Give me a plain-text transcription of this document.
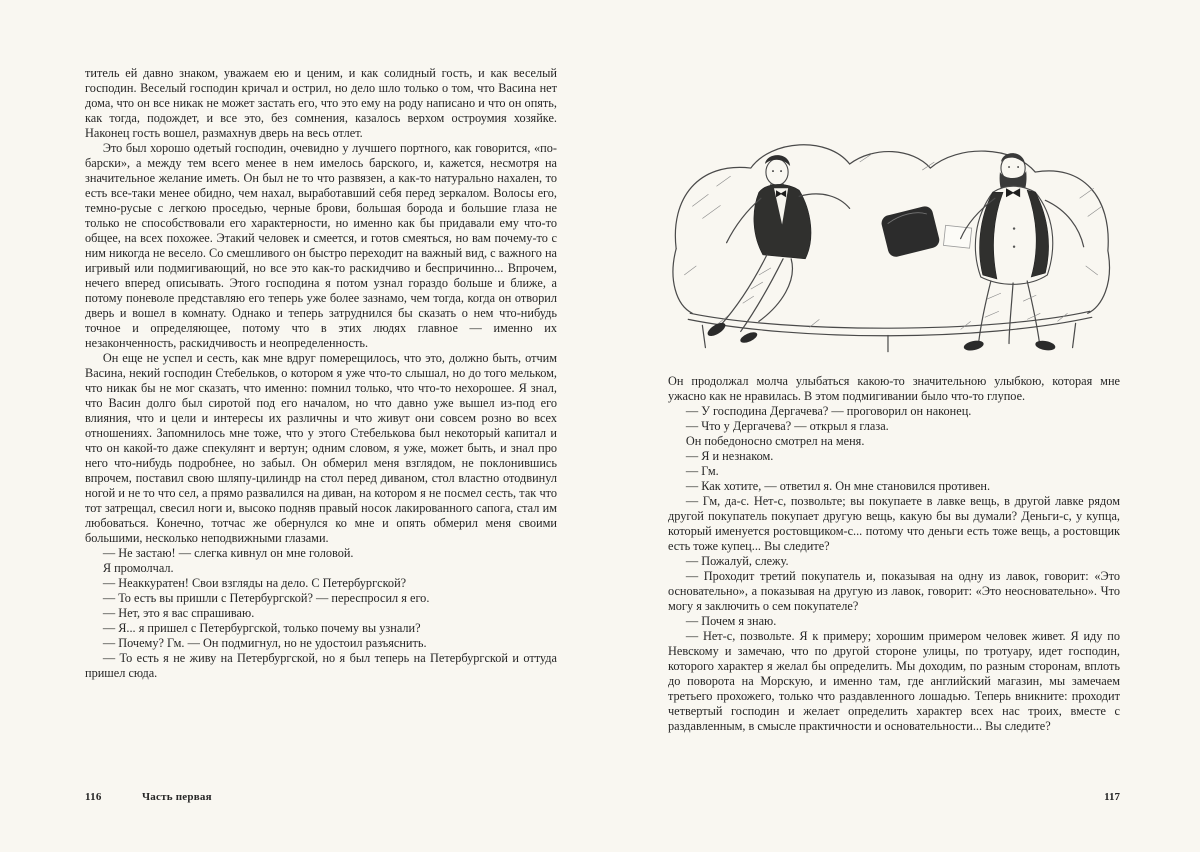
титель ей давно знаком, уважаем ею и ценим, и как солидный гость, и как веселый господин. Веселый господин кричал и острил, но дело шло только о том, что Васина нет дома, что он все никак не может застать его, что это ему на роду написано и что он опять, как тогда, подождет, и все это, без сомнения, казалось верхом остроумия хозяйке. Наконец гость вошел, размахнув дверь на весь отлет.

Это был хорошо одетый господин, очевидно у лучшего портного, как говорится, «по-барски», а между тем всего менее в нем имелось барского, и, кажется, несмотря на значительное желание иметь. Он был не то что развязен, а как-то натурально нахален, то есть все-таки менее обидно, чем нахал, выработавший себя перед зеркалом. Волосы его, темно-русые с легкою проседью, черные брови, большая борода и большие глаза не только не способствовали его характерности, но именно как бы придавали ему что-то общее, на всех похожее. Этакий человек и смеется, и готов смеяться, но вам почему-то с ним никогда не весело. Со смешливого он быстро переходит на важный вид, с важного на игривый или подмигивающий, но все это как-то раскидчиво и беспричинно... Впрочем, нечего вперед описывать. Этого господина я потом узнал гораздо больше и ближе, а потому поневоле представляю его теперь уже более зазнамо, чем тогда, когда он отворил дверь и вошел в комнату. Однако и теперь затруднился бы сказать о нем что-нибудь точное и определяющее, потому что в этих людях главное — именно их незаконченность, раскидчивость и неопределенность.

Он еще не успел и сесть, как мне вдруг померещилось, что это, должно быть, отчим Васина, некий господин Стебельков, о котором я уже что-то слышал, но до того мельком, что никак бы не мог сказать, что именно: помнил только, что что-то нехорошее. Я знал, что Васин долго был сиротой под его началом, но что давно уже вышел из-под его влияния, что и цели и интересы их различны и что живут они совсем розно во всех отношениях. Запомнилось мне тоже, что у этого Стебелькова был некоторый капитал и что он какой-то даже спекулянт и вертун; одним словом, я уже, может быть, и знал про него что-нибудь подробнее, но забыл. Он обмерил меня взглядом, не поклонившись впрочем, поставил свою шляпу-цилиндр на стол перед диваном, стол властно отодвинул ногой и не то что сел, а прямо развалился на диван, на котором я не посмел сесть, так что тот затрещал, свесил ноги и, высоко подняв правый носок лакированного сапога, стал им любоваться. Конечно, тотчас же обернулся ко мне и опять обмерил меня своими большими, несколько неподвижными глазами.

— Не застаю! — слегка кивнул он мне головой.

Я промолчал.

— Неаккуратен! Свои взгляды на дело. С Петербургской?

— То есть вы пришли с Петербургской? — переспросил я его.

— Нет, это я вас спрашиваю.

— Я... я пришел с Петербургской, только почему вы узнали?

— Почему? Гм. — Он подмигнул, но не удостоил разъяснить.

— То есть я не живу на Петербургской, но я был теперь на Петербургской и оттуда пришел сюда.

Он продолжал молча улыбаться какою-то значительною улыбкою, которая мне ужасно как не нравилась. В этом подмигивании было что-то глупое.

— У господина Дергачева? — проговорил он наконец.

— Что у Дергачева? — открыл я глаза.

Он победоносно смотрел на меня.

— Я и незнаком.

— Гм.

— Как хотите, — ответил я. Он мне становился противен.

— Гм, да-с. Нет-с, позвольте; вы покупаете в лавке вещь, в другой лавке рядом другой покупатель покупает другую вещь, какую бы вы думали? Деньги-с, у купца, который именуется ростовщиком-с... потому что деньги есть тоже вещь, а ростовщик есть тоже купец... Вы следите?

— Пожалуй, слежу.

— Проходит третий покупатель и, показывая на одну из лавок, говорит: «Это основательно», а показывая на другую из лавок, говорит: «Это неосновательно». Что могу я заключить о сем покупателе?

— Почем я знаю.

— Нет-с, позвольте. Я к примеру; хорошим примером человек живет. Я иду по Невскому и замечаю, что по другой стороне улицы, по тротуару, идет господин, которого характер я желал бы определить. Мы доходим, по разным сторонам, вплоть до поворота на Морскую, и именно там, где английский магазин, мы замечаем третьего прохожего, только что раздавленного лошадью. Теперь вникните: проходит четвертый господин и желает определить характер всех нас троих, вместе с раздавленным, в смысле практичности и основательности... Вы следите?

116	Часть первая	117
